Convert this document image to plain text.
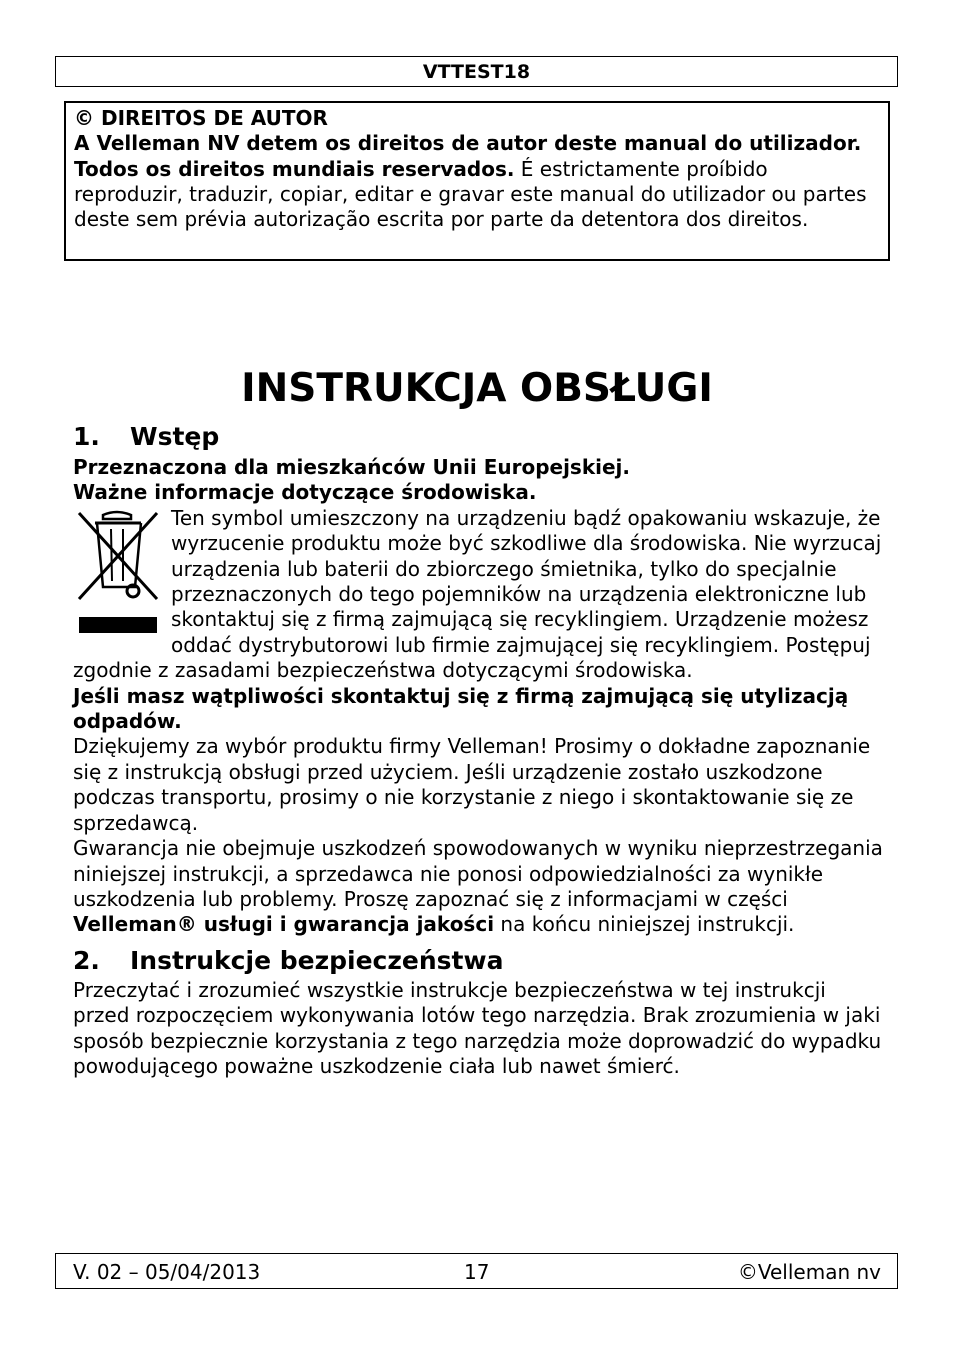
VTTEST18

© DIREITOS DE AUTOR

A Velleman NV detem os direitos de autor deste manual do utilizador. Todos os direitos mundiais reservados. É estrictamente proíbido reproduzir, traduzir, copiar, editar e gravar este manual do utilizador ou partes deste sem prévia autorização escrita por parte da detentora dos direitos.

INSTRUKCJA OBSŁUGI
1.	Wstęp

Przeznaczona dla mieszkańców Unii Europejskiej.

Ważne informacje dotyczące środowiska.

Ten symbol umieszczony na urządzeniu bądź opakowaniu wskazuje, że wyrzucenie produktu może być szkodliwe dla środowiska. Nie wyrzucaj urządzenia lub baterii do zbiorczego śmietnika, tylko do specjalnie przeznaczonych do tego pojemników na urządzenia elektroniczne lub skontaktuj się z firmą zajmującą się recyklingiem. Urządzenie możesz oddać dystrybutorowi lub firmie zajmującej się recyklingiem. Postępuj zgodnie z zasadami bezpieczeństwa dotyczącymi środowiska.

Jeśli masz wątpliwości skontaktuj się z firmą zajmującą się utylizacją odpadów.

Dziękujemy za wybór produktu firmy Velleman! Prosimy o dokładne zapoznanie się z instrukcją obsługi przed użyciem. Jeśli urządzenie zostało uszkodzone podczas transportu, prosimy o nie korzystanie z niego i skontaktowanie się ze sprzedawcą.

Gwarancja nie obejmuje uszkodzeń spowodowanych w wyniku nieprzestrzegania niniejszej instrukcji, a sprzedawca nie ponosi odpowiedzialności za wynikłe uszkodzenia lub problemy. Proszę zapoznać się z informacjami w części Velleman® usługi i gwarancja jakości na końcu niniejszej instrukcji.

2.	Instrukcje bezpieczeństwa

Przeczytać i zrozumieć wszystkie instrukcje bezpieczeństwa w tej instrukcji przed rozpoczęciem wykonywania lotów tego narzędzia. Brak zrozumienia w jaki sposób bezpiecznie korzystania z tego narzędzia może doprowadzić do wypadku powodującego poważne uszkodzenie ciała lub nawet śmierć.

V. 02 – 05/04/2013	17	©Velleman nv
